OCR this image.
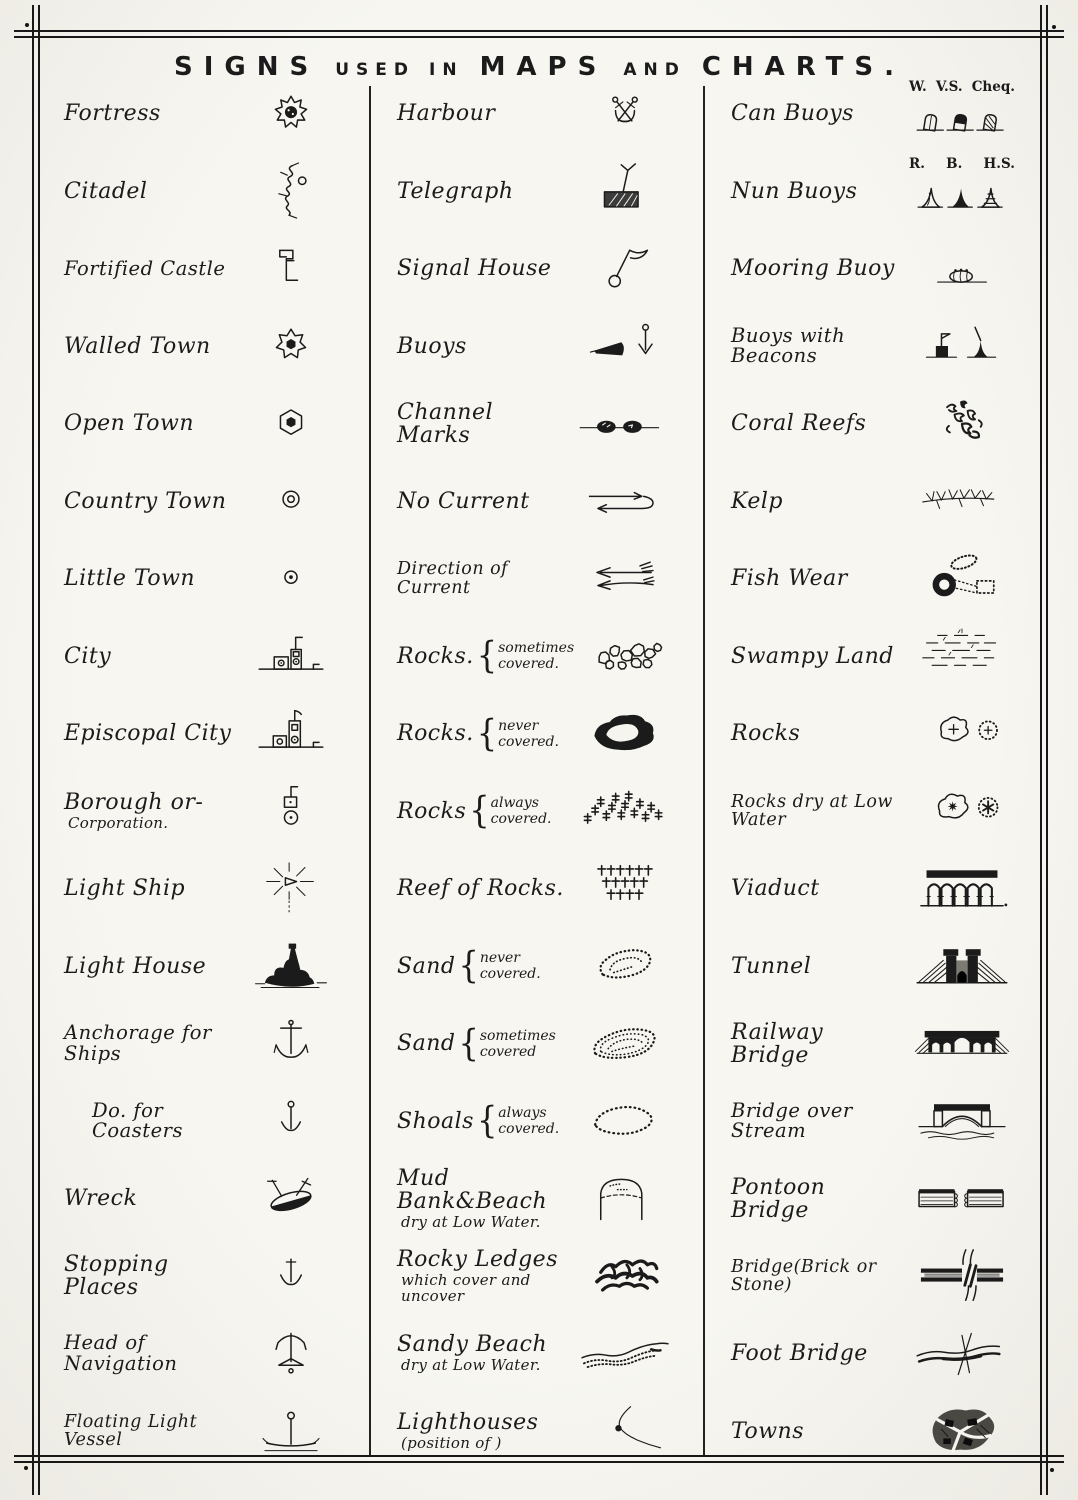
SIGNS USED IN MAPS AND CHARTS.
Fortress
Citadel
Fortified Castle
Walled Town
Open Town
Country Town
Little Town
City
Episcopal City
Borough or-
Corporation.
Light Ship
Light House
Anchorage for Ships
Do. for Coasters
Wreck
Stopping Places
Head of Navigation
Floating Light Vessel
Harbour
Telegraph
Signal House
Buoys
Channel Marks
No Current
Direction of Current
Rocks. { sometimes
covered.
Rocks. { never
covered.
Rocks { always
covered.
Reef of Rocks.
Sand { never
covered.
Sand { sometimes
covered
Shoals { always
covered.
Mud Bank&Beach
dry at Low Water.
Rocky Ledges
which cover and uncover
Sandy Beach
dry at Low Water.
Lighthouses
(position of )
Can Buoys
W. V.S. Cheq.
Nun Buoys
R. B. H.S.
Mooring Buoy
Buoys with Beacons
Coral Reefs
Kelp
Fish Wear
Swampy Land
Rocks
Rocks dry at Low Water
Viaduct
Tunnel
Railway Bridge
Bridge over Stream
Pontoon Bridge
Bridge(Brick or Stone)
Foot Bridge
Towns
